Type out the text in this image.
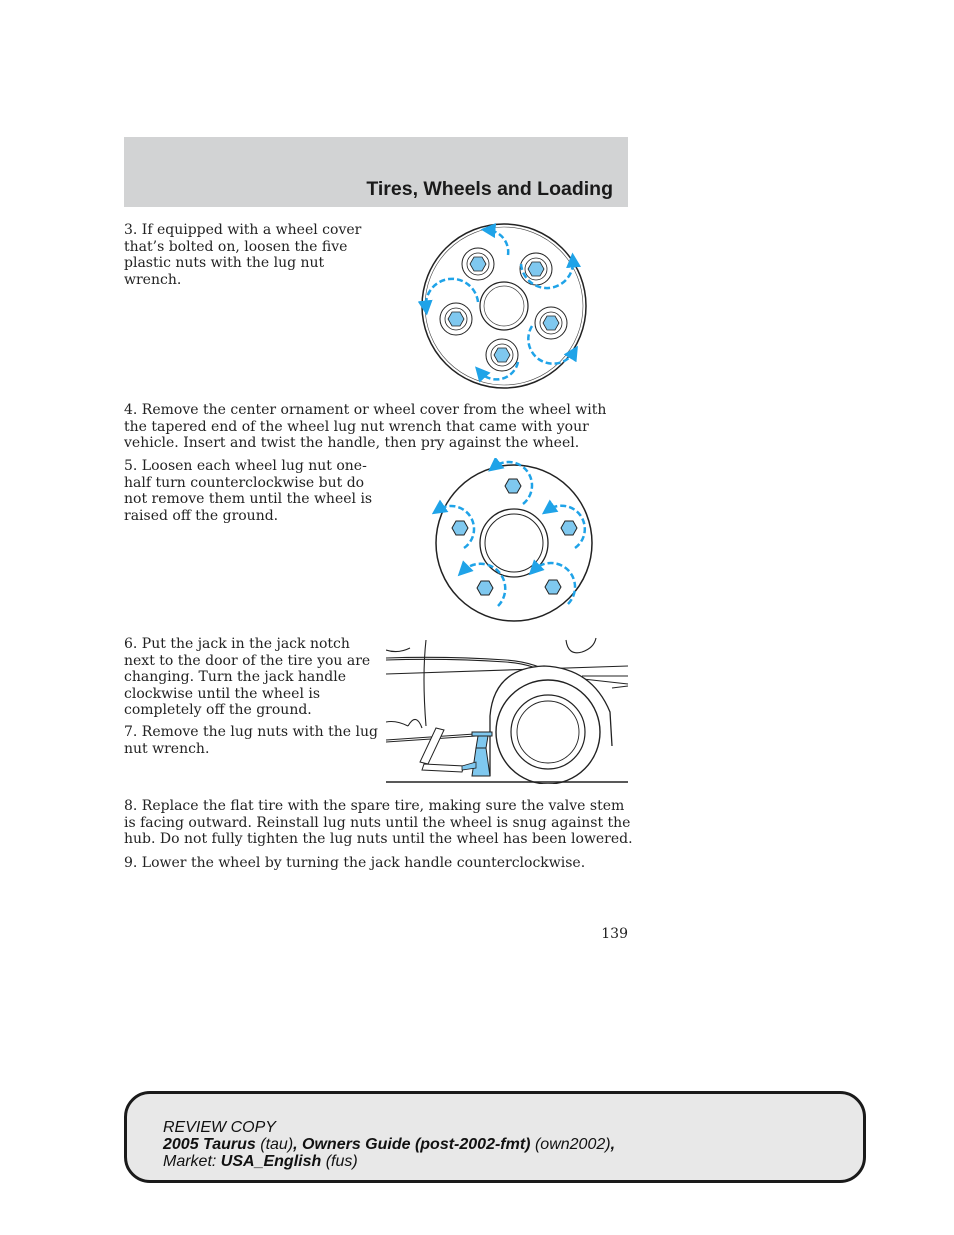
Tires, Wheels and Loading
3. If equipped with a wheel cover that’s bolted on, loosen the five plastic nuts with the lug nut wrench.
4. Remove the center ornament or wheel cover from the wheel with the tapered end of the wheel lug nut wrench that came with your vehicle. Insert and twist the handle, then pry against the wheel.
5. Loosen each wheel lug nut one-half turn counterclockwise but do not remove them until the wheel is raised off the ground.
6. Put the jack in the jack notch next to the door of the tire you are changing. Turn the jack handle clockwise until the wheel is completely off the ground.
7. Remove the lug nuts with the lug nut wrench.
8. Replace the flat tire with the spare tire, making sure the valve stem is facing outward. Reinstall lug nuts until the wheel is snug against the hub. Do not fully tighten the lug nuts until the wheel has been lowered.
9. Lower the wheel by turning the jack handle counterclockwise.
139
REVIEW COPY
2005 Taurus (tau), Owners Guide (post-2002-fmt) (own2002),
Market: USA_English (fus)
